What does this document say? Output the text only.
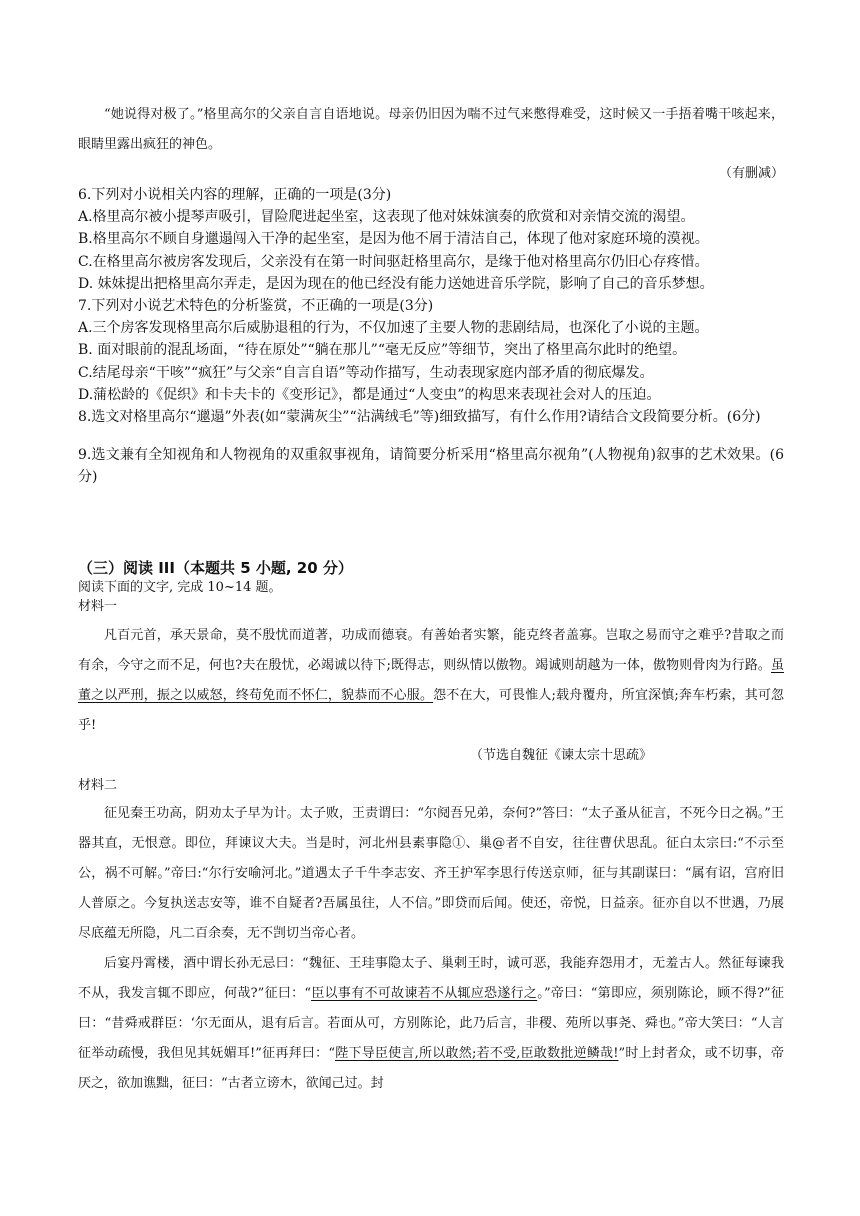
“她说得对极了。”格里高尔的父亲自言自语地说。母亲仍旧因为喘不过气来憋得难受，这时候又一手捂着嘴干咳起来，眼睛里露出疯狂的神色。

（有删减）

6.下列对小说相关内容的理解，正确的一项是(3分)

A.格里高尔被小提琴声吸引，冒险爬进起坐室，这表现了他对妹妹演奏的欣赏和对亲情交流的渴望。

B.格里高尔不顾自身邋遢闯入干净的起坐室，是因为他不屑于清洁自己，体现了他对家庭环境的漠视。

C.在格里高尔被房客发现后，父亲没有在第一时间驱赶格里高尔，是缘于他对格里高尔仍旧心存疼惜。

D. 妹妹提出把格里高尔弄走，是因为现在的他已经没有能力送她进音乐学院，影响了自己的音乐梦想。

7.下列对小说艺术特色的分析鉴赏，不正确的一项是(3分)

A.三个房客发现格里高尔后威胁退租的行为，不仅加速了主要人物的悲剧结局，也深化了小说的主题。

B. 面对眼前的混乱场面，“待在原处”“躺在那儿”“毫无反应”等细节，突出了格里高尔此时的绝望。

C.结尾母亲“干咳”“疯狂”与父亲“自言自语”等动作描写，生动表现家庭内部矛盾的彻底爆发。

D.蒲松龄的《促织》和卡夫卡的《变形记》，都是通过“人变虫”的构思来表现社会对人的压迫。

8.选文对格里高尔“邋遢”外表(如“蒙满灰尘”“沾满绒毛”等)细致描写，有什么作用?请结合文段简要分析。(6分)

9.选文兼有全知视角和人物视角的双重叙事视角，请简要分析采用“格里高尔视角”(人物视角)叙事的艺术效果。(6分)

（三）阅读 III（本题共 5 小题, 20 分）

阅读下面的文字, 完成 10~14 题。

材料一

凡百元首，承天景命，莫不殷忧而道著，功成而德衰。有善始者实繁，能克终者盖寡。岂取之易而守之难乎?昔取之而有余，今守之而不足，何也?夫在殷忧，必竭诚以待下;既得志，则纵情以傲物。竭诚则胡越为一体，傲物则骨肉为行路。虽董之以严刑，振之以威怒，终苟免而不怀仁，貌恭而不心服。怨不在大，可畏惟人;载舟覆舟，所宜深慎;奔车朽索，其可忽乎!

（节选自魏征《谏太宗十思疏》
材料二

征见秦王功高，阴劝太子早为计。太子败，王责谓曰：“尔阋吾兄弟，奈何?”答曰：“太子蚤从征言，不死今日之祸。”王器其直，无恨意。即位，拜谏议大夫。当是时，河北州县素事隐①、巢@者不自安，往往曹伏思乱。征白太宗曰:“不示至公，祸不可解。”帝曰:“尔行安喻河北。”道遇太子千牛李志安、齐王护军李思行传送京师，征与其副谋曰：“属有诏，宫府旧人普原之。今复执送志安等，谁不自疑者?吾属虽往，人不信。”即贷而后闻。使还，帝悦，日益亲。征亦自以不世遇，乃展尽底蕴无所隐，凡二百余奏，无不剀切当帝心者。

后宴丹霄楼，酒中谓长孙无忌曰：“魏征、王珪事隐太子、巢剌王时，诚可恶，我能弃怨用才，无羞古人。然征每谏我不从，我发言辄不即应，何哉?”征曰：“臣以事有不可故谏若不从辄应恐遂行之。”帝曰：“第即应，须别陈论，顾不得?”征曰：“昔舜戒群臣：‘尔无面从，退有后言。若面从可，方别陈论，此乃后言，非稷、苑所以事尧、舜也。”帝大笑曰：“人言征举动疏慢，我但见其妩媚耳!”征再拜曰：“陛下导臣使言,所以敢然;若不受,臣敢数批逆鳞哉!”时上封者众，或不切事，帝厌之，欲加谯黜，征曰：“古者立谤木，欲闻己过。封
